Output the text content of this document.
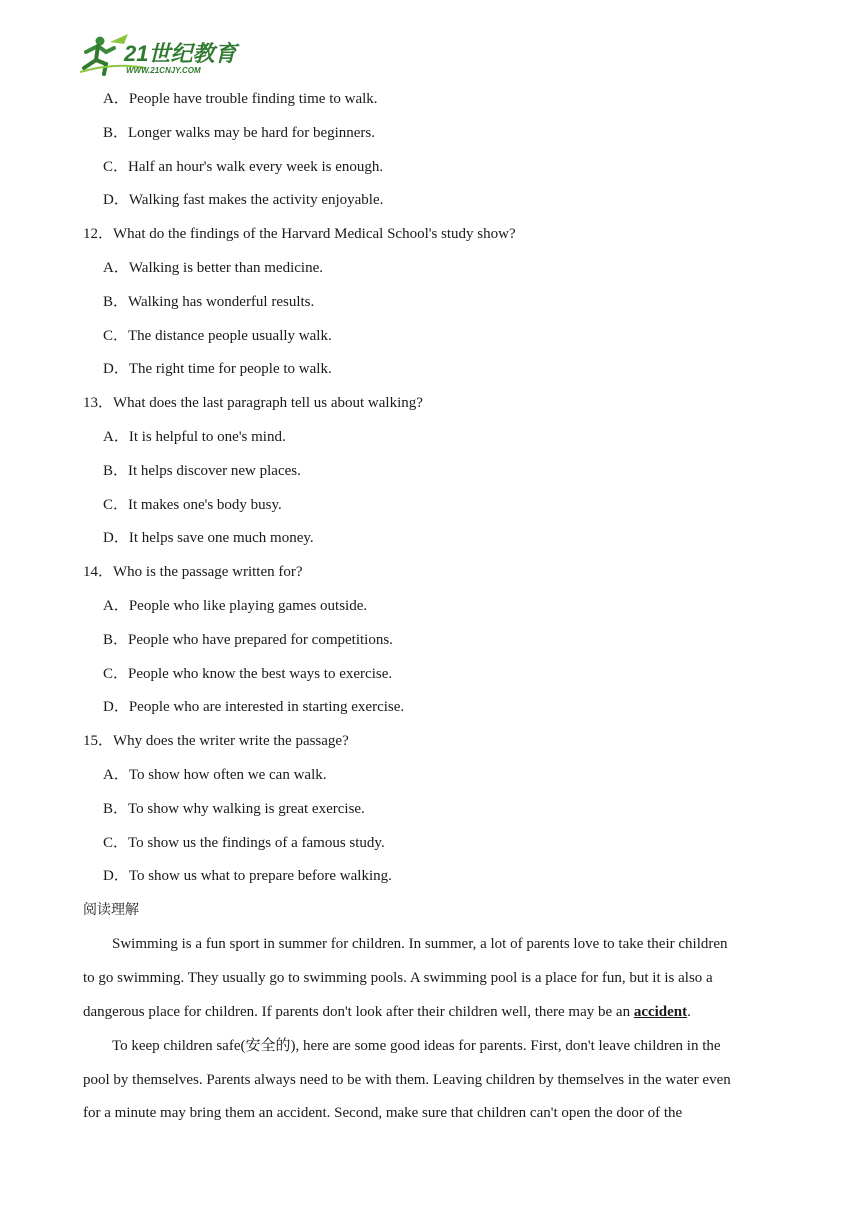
21世纪教育
WWW.21CNJY.COM
A．People have trouble finding time to walk.
B．Longer walks may be hard for beginners.
C．Half an hour's walk every week is enough.
D．Walking fast makes the activity enjoyable.
12．What do the findings of the Harvard Medical School's study show?
A．Walking is better than medicine.
B．Walking has wonderful results.
C．The distance people usually walk.
D．The right time for people to walk.
13．What does the last paragraph tell us about walking?
A．It is helpful to one's mind.
B．It helps discover new places.
C．It makes one's body busy.
D．It helps save one much money.
14．Who is the passage written for?
A．People who like playing games outside.
B．People who have prepared for competitions.
C．People who know the best ways to exercise.
D．People who are interested in starting exercise.
15．Why does the writer write the passage?
A．To show how often we can walk.
B．To show why walking is great exercise.
C．To show us the findings of a famous study.
D．To show us what to prepare before walking.
阅读理解
Swimming is a fun sport in summer for children. In summer, a lot of parents love to take their children
to go swimming. They usually go to swimming pools. A swimming pool is a place for fun, but it is also a
dangerous place for children. If parents don't look after their children well, there may be an accident.
To keep children safe(安全的), here are some good ideas for parents. First, don't leave children in the
pool by themselves. Parents always need to be with them. Leaving children by themselves in the water even
for a minute may bring them an accident. Second, make sure that children can't open the door of the
